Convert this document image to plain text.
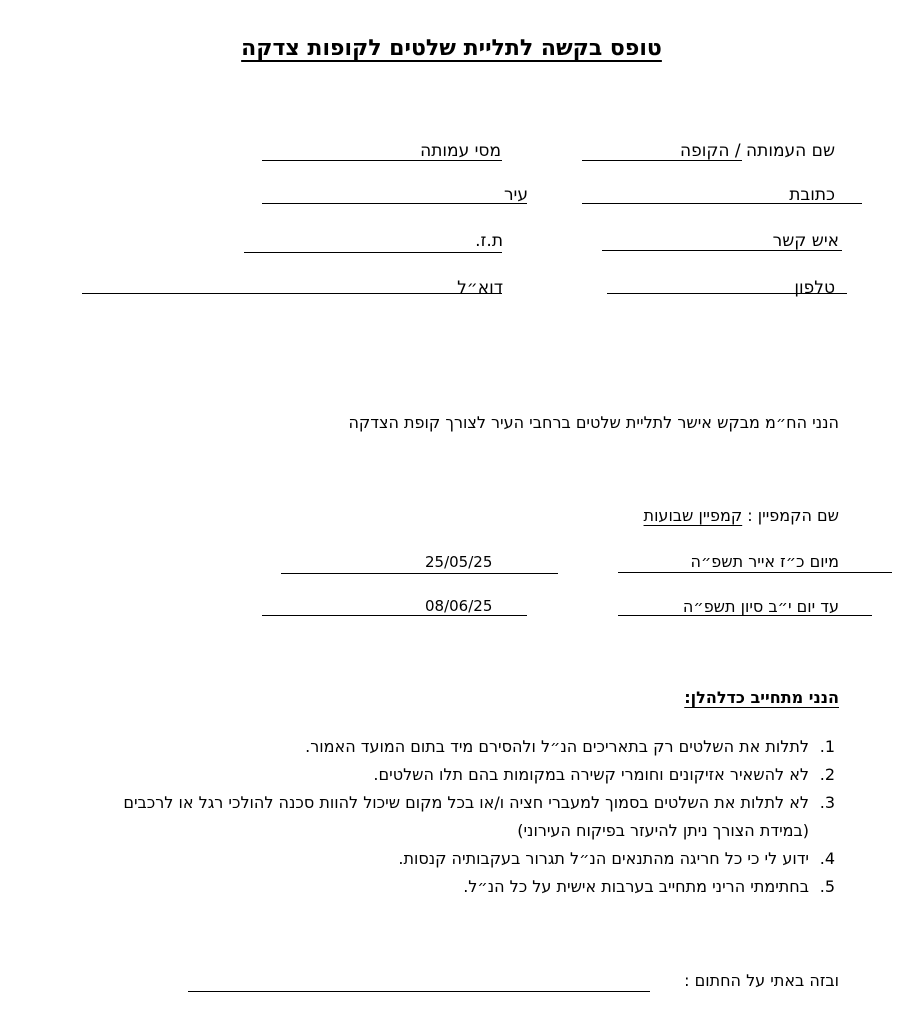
טופס בקשה לתליית שלטים לקופות צדקה
שם העמותה / הקופה
מסי עמותה
כתובת
עיר
איש קשר
ת.ז.
טלפון
דוא״ל
הנני הח״מ מבקש אישר לתליית שלטים ברחבי העיר לצורך קופת הצדקה
שם הקמפיין : קמפיין שבועות
מיום כ״ז אייר תשפ״ה
25/05/25
עד יום י״ב סיון תשפ״ה
08/06/25
הנני מתחייב כדלהלן:
1.
לתלות את השלטים רק בתאריכים הנ״ל ולהסירם מיד בתום המועד האמור.
2.
לא להשאיר אזיקונים וחומרי קשירה במקומות בהם תלו השלטים.
3.
לא לתלות את השלטים בסמוך למעברי חציה ו/או בכל מקום שיכול להוות סכנה להולכי רגל או לרכבים (במידת הצורך ניתן להיעזר בפיקוח העירוני)
4.
ידוע לי כי כל חריגה מהתנאים הנ״ל תגרור בעקבותיה קנסות.
5.
בחתימתי הריני מתחייב בערבות אישית על כל הנ״ל.
ובזה באתי על החתום :
